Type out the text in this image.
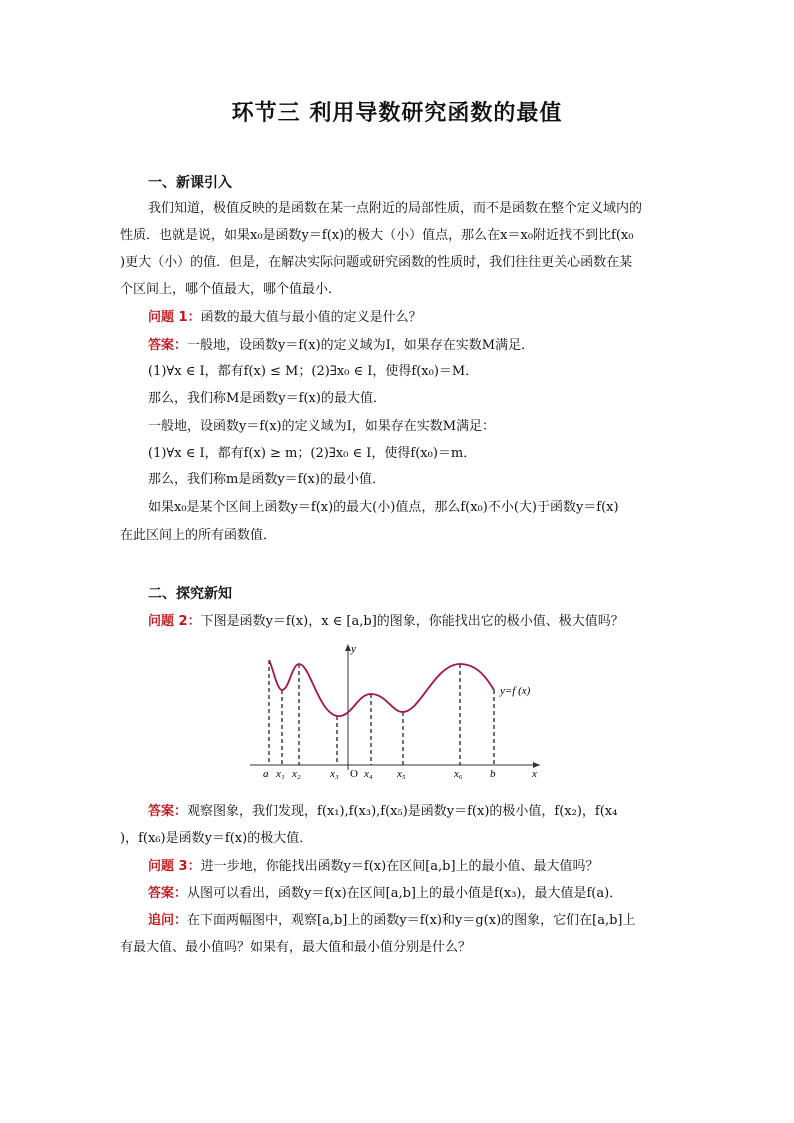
环节三 利用导数研究函数的最值
一、新课引入
我们知道，极值反映的是函数在某一点附近的局部性质，而不是函数在整个定义域内的
性质．也就是说，如果x₀是函数y＝f(x)的极大（小）值点，那么在x＝x₀附近找不到比f(x₀
)更大（小）的值．但是，在解决实际问题或研究函数的性质时，我们往往更关心函数在某
个区间上，哪个值最大，哪个值最小．
问题 1：函数的最大值与最小值的定义是什么？
答案：一般地，设函数y＝f(x)的定义域为I，如果存在实数M满足．
(1)∀x ∈ I，都有f(x) ≤ M；(2)∃x₀ ∈ I，使得f(x₀)＝M．
那么，我们称M是函数y＝f(x)的最大值．
一般地，设函数y＝f(x)的定义域为I，如果存在实数M满足：
(1)∀x ∈ I，都有f(x) ≥ m；(2)∃x₀ ∈ I，使得f(x₀)＝m．
那么，我们称m是函数y＝f(x)的最小值．
如果x₀是某个区间上函数y＝f(x)的最大(小)值点，那么f(x₀)不小(大)于函数y＝f(x)
在此区间上的所有函数值．
二、探究新知
问题 2：下图是函数y＝f(x)，x ∈ [a,b]的图象，你能找出它的极小值、极大值吗？
y
x
y=f (x)
O
a x₁ x₂	x₃ x₄ x₅	x₆ b
答案：观察图象，我们发现，f(x₁),f(x₃),f(x₅)是函数y＝f(x)的极小值，f(x₂)，f(x₄
)，f(x₆)是函数y＝f(x)的极大值．
问题 3：进一步地，你能找出函数y＝f(x)在区间[a,b]上的最小值、最大值吗？
答案：从图可以看出，函数y＝f(x)在区间[a,b]上的最小值是f(x₃)，最大值是f(a)．
追问：在下面两幅图中，观察[a,b]上的函数y＝f(x)和y＝g(x)的图象，它们在[a,b]上
有最大值、最小值吗？如果有，最大值和最小值分别是什么？
